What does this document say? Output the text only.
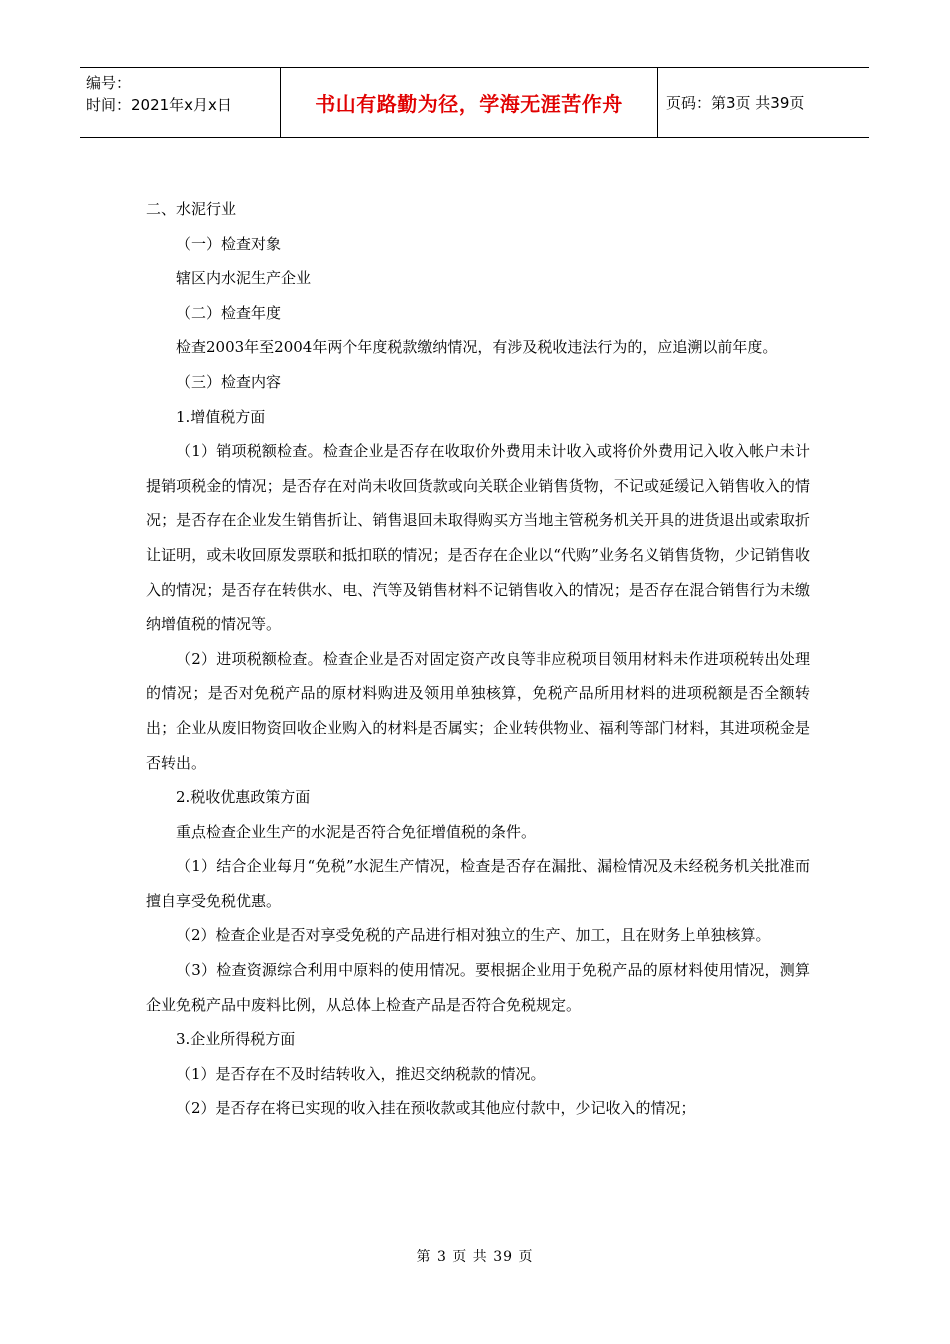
编号：
时间：2021年x月x日	书山有路勤为径，学海无涯苦作舟	页码：第3页 共39页

二、水泥行业

（一）检查对象

辖区内水泥生产企业

（二）检查年度

检查2003年至2004年两个年度税款缴纳情况，有涉及税收违法行为的，应追溯以前年度。

（三）检查内容

1.增值税方面

（1）销项税额检查。检查企业是否存在收取价外费用未计收入或将价外费用记入收入帐户未计提销项税金的情况；是否存在对尚未收回货款或向关联企业销售货物，不记或延缓记入销售收入的情况；是否存在企业发生销售折让、销售退回未取得购买方当地主管税务机关开具的进货退出或索取折让证明，或未收回原发票联和抵扣联的情况；是否存在企业以“代购”业务名义销售货物，少记销售收入的情况；是否存在转供水、电、汽等及销售材料不记销售收入的情况；是否存在混合销售行为未缴纳增值税的情况等。

（2）进项税额检查。检查企业是否对固定资产改良等非应税项目领用材料未作进项税转出处理的情况；是否对免税产品的原材料购进及领用单独核算，免税产品所用材料的进项税额是否全额转出；企业从废旧物资回收企业购入的材料是否属实；企业转供物业、福利等部门材料，其进项税金是否转出。

2.税收优惠政策方面

重点检查企业生产的水泥是否符合免征增值税的条件。

（1）结合企业每月“免税”水泥生产情况，检查是否存在漏批、漏检情况及未经税务机关批准而擅自享受免税优惠。

（2）检查企业是否对享受免税的产品进行相对独立的生产、加工，且在财务上单独核算。

（3）检查资源综合利用中原料的使用情况。要根据企业用于免税产品的原材料使用情况，测算企业免税产品中废料比例，从总体上检查产品是否符合免税规定。

3.企业所得税方面

（1）是否存在不及时结转收入，推迟交纳税款的情况。

（2）是否存在将已实现的收入挂在预收款或其他应付款中，少记收入的情况；

第 3 页 共 39 页
